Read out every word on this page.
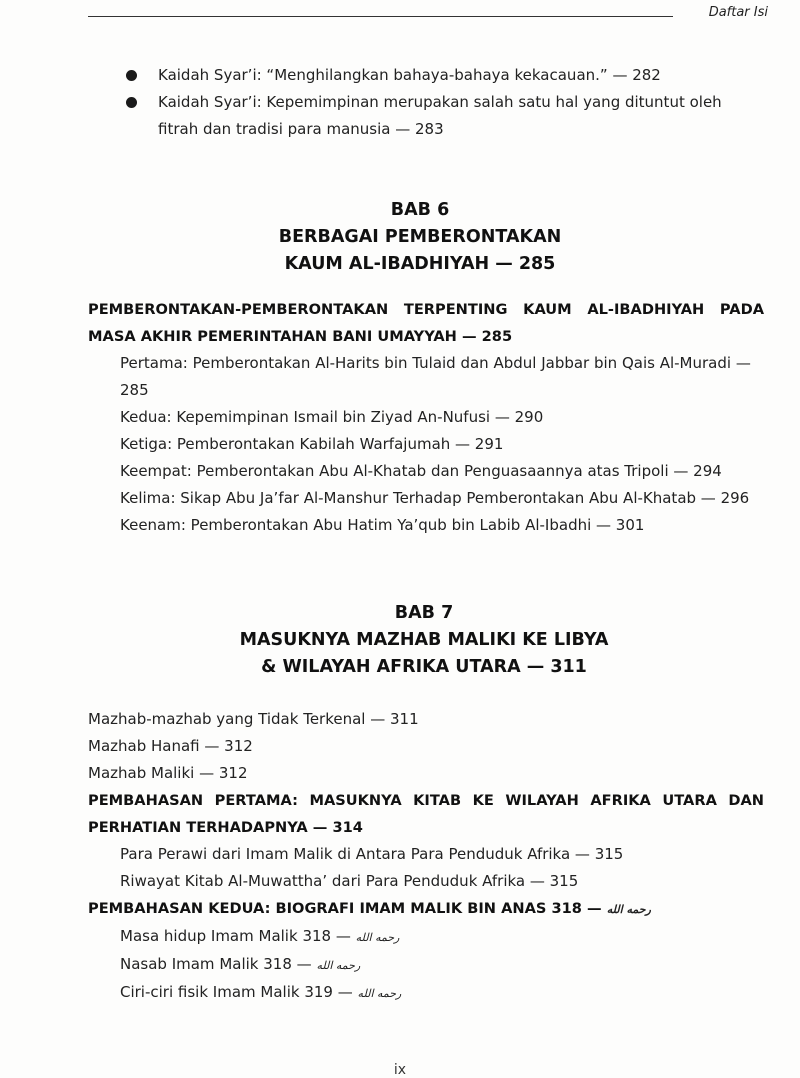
Daftar Isi
Kaidah Syar’i: “Menghilangkan bahaya-bahaya kekacauan.” — 282
Kaidah Syar’i: Kepemimpinan merupakan salah satu hal yang dituntut oleh fitrah dan tradisi para manusia — 283
BAB 6
BERBAGAI PEMBERONTAKAN
KAUM AL-IBADHIYAH — 285
PEMBERONTAKAN-PEMBERONTAKAN TERPENTING KAUM AL-IBADHIYAH PADA MASA AKHIR PEMERINTAHAN BANI UMAYYAH — 285
Pertama: Pemberontakan Al-Harits bin Tulaid dan Abdul Jabbar bin Qais Al-Muradi — 285
Kedua: Kepemimpinan Ismail bin Ziyad An-Nufusi — 290
Ketiga: Pemberontakan Kabilah Warfajumah — 291
Keempat: Pemberontakan Abu Al-Khatab dan Penguasaannya atas Tripoli — 294
Kelima: Sikap Abu Ja’far Al-Manshur Terhadap Pemberontakan Abu Al-Khatab — 296
Keenam: Pemberontakan Abu Hatim Ya’qub bin Labib Al-Ibadhi — 301
BAB 7
MASUKNYA MAZHAB MALIKI KE LIBYA
& WILAYAH AFRIKA UTARA — 311
Mazhab-mazhab yang Tidak Terkenal — 311
Mazhab Hanafi — 312
Mazhab Maliki — 312
PEMBAHASAN PERTAMA: MASUKNYA KITAB KE WILAYAH AFRIKA UTARA DAN PERHATIAN TERHADAPNYA — 314
Para Perawi dari Imam Malik di Antara Para Penduduk Afrika — 315
Riwayat Kitab Al-Muwattha’ dari Para Penduduk Afrika — 315
PEMBAHASAN KEDUA: BIOGRAFI IMAM MALIK BIN ANAS	رحمه الله — 318
Masa hidup Imam Malik	رحمه الله — 318
Nasab Imam Malik	رحمه الله — 318
Ciri-ciri fisik Imam Malik	رحمه الله — 319
ix
